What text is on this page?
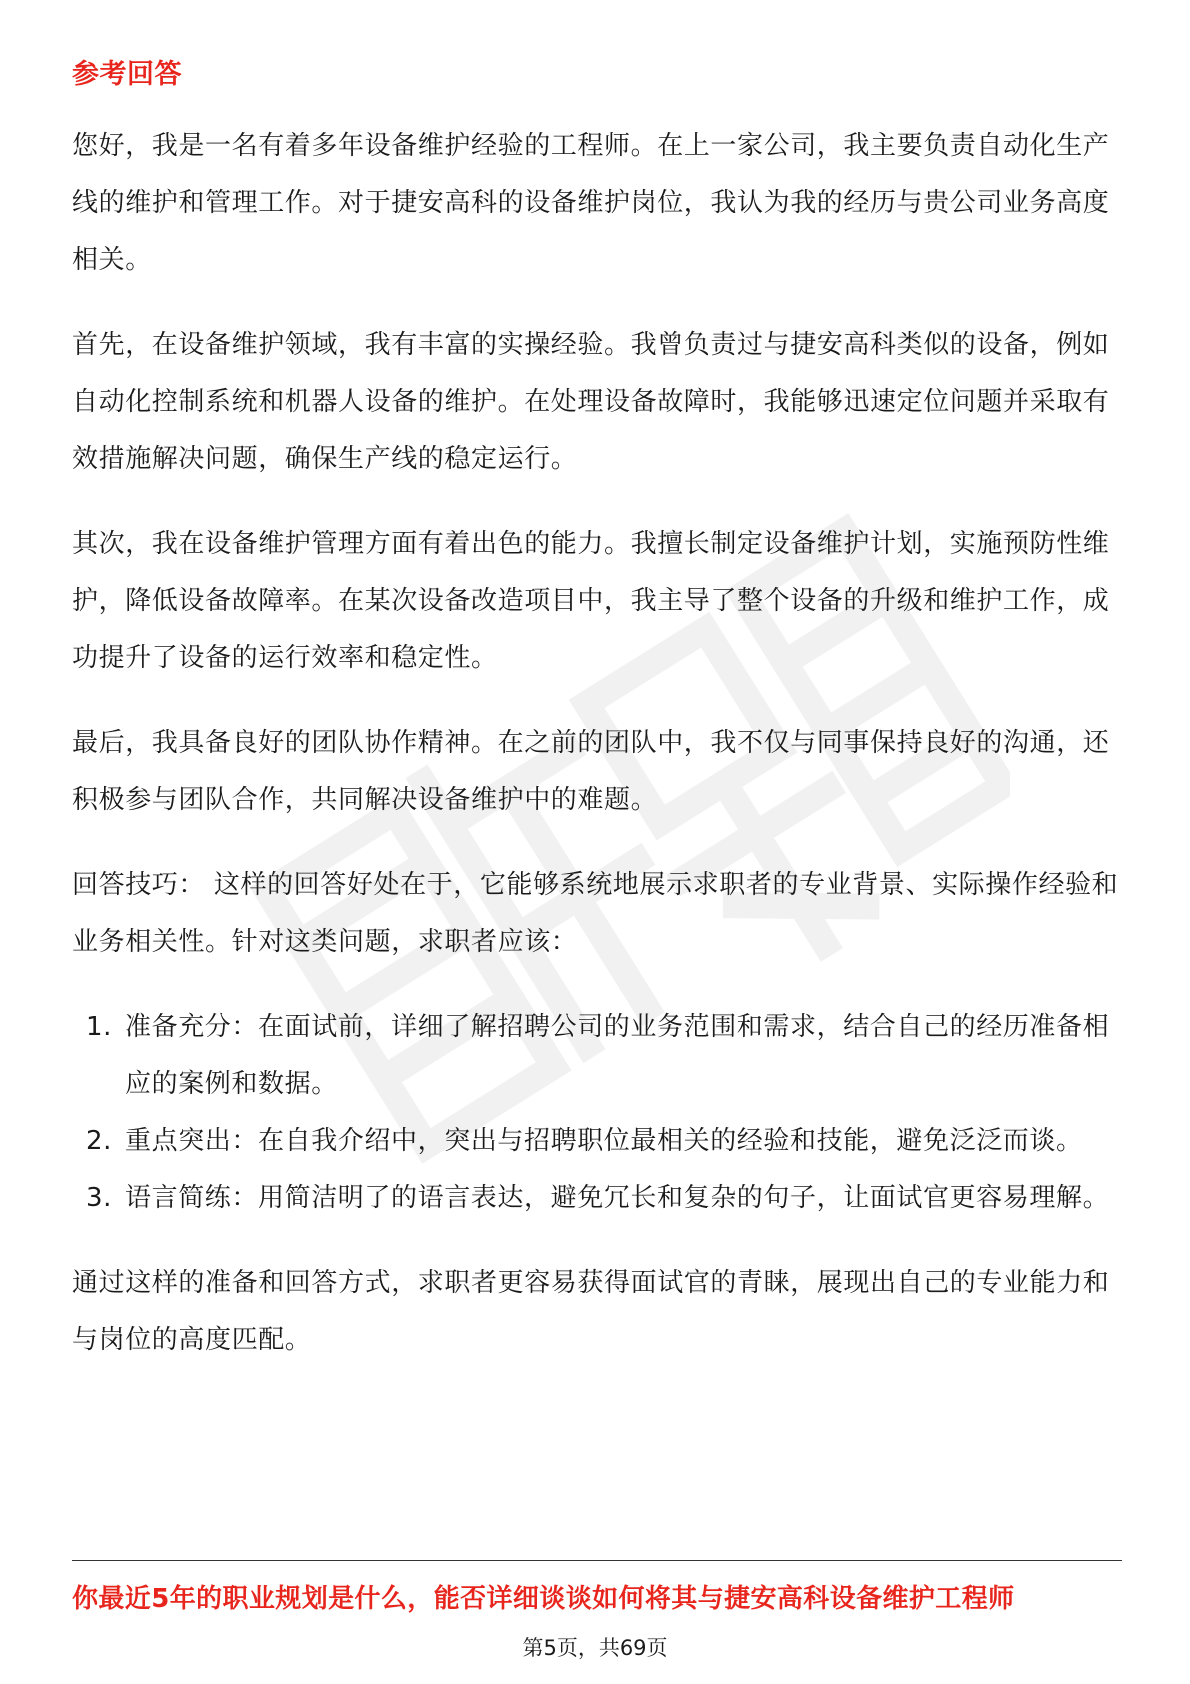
参考回答

您好，我是一名有着多年设备维护经验的工程师。在上一家公司，我主要负责自动化生产线的维护和管理工作。对于捷安高科的设备维护岗位，我认为我的经历与贵公司业务高度相关。

首先，在设备维护领域，我有丰富的实操经验。我曾负责过与捷安高科类似的设备，例如自动化控制系统和机器人设备的维护。在处理设备故障时，我能够迅速定位问题并采取有效措施解决问题，确保生产线的稳定运行。

其次，我在设备维护管理方面有着出色的能力。我擅长制定设备维护计划，实施预防性维护，降低设备故障率。在某次设备改造项目中，我主导了整个设备的升级和维护工作，成功提升了设备的运行效率和稳定性。

最后，我具备良好的团队协作精神。在之前的团队中，我不仅与同事保持良好的沟通，还积极参与团队合作，共同解决设备维护中的难题。

回答技巧： 这样的回答好处在于，它能够系统地展示求职者的专业背景、实际操作经验和业务相关性。针对这类问题，求职者应该：

1. 准备充分：在面试前，详细了解招聘公司的业务范围和需求，结合自己的经历准备相应的案例和数据。
2. 重点突出：在自我介绍中，突出与招聘职位最相关的经验和技能，避免泛泛而谈。
3. 语言简练：用简洁明了的语言表达，避免冗长和复杂的句子，让面试官更容易理解。

通过这样的准备和回答方式，求职者更容易获得面试官的青睐，展现出自己的专业能力和与岗位的高度匹配。

你最近5年的职业规划是什么，能否详细谈谈如何将其与捷安高科设备维护工程师
第5页，共69页
